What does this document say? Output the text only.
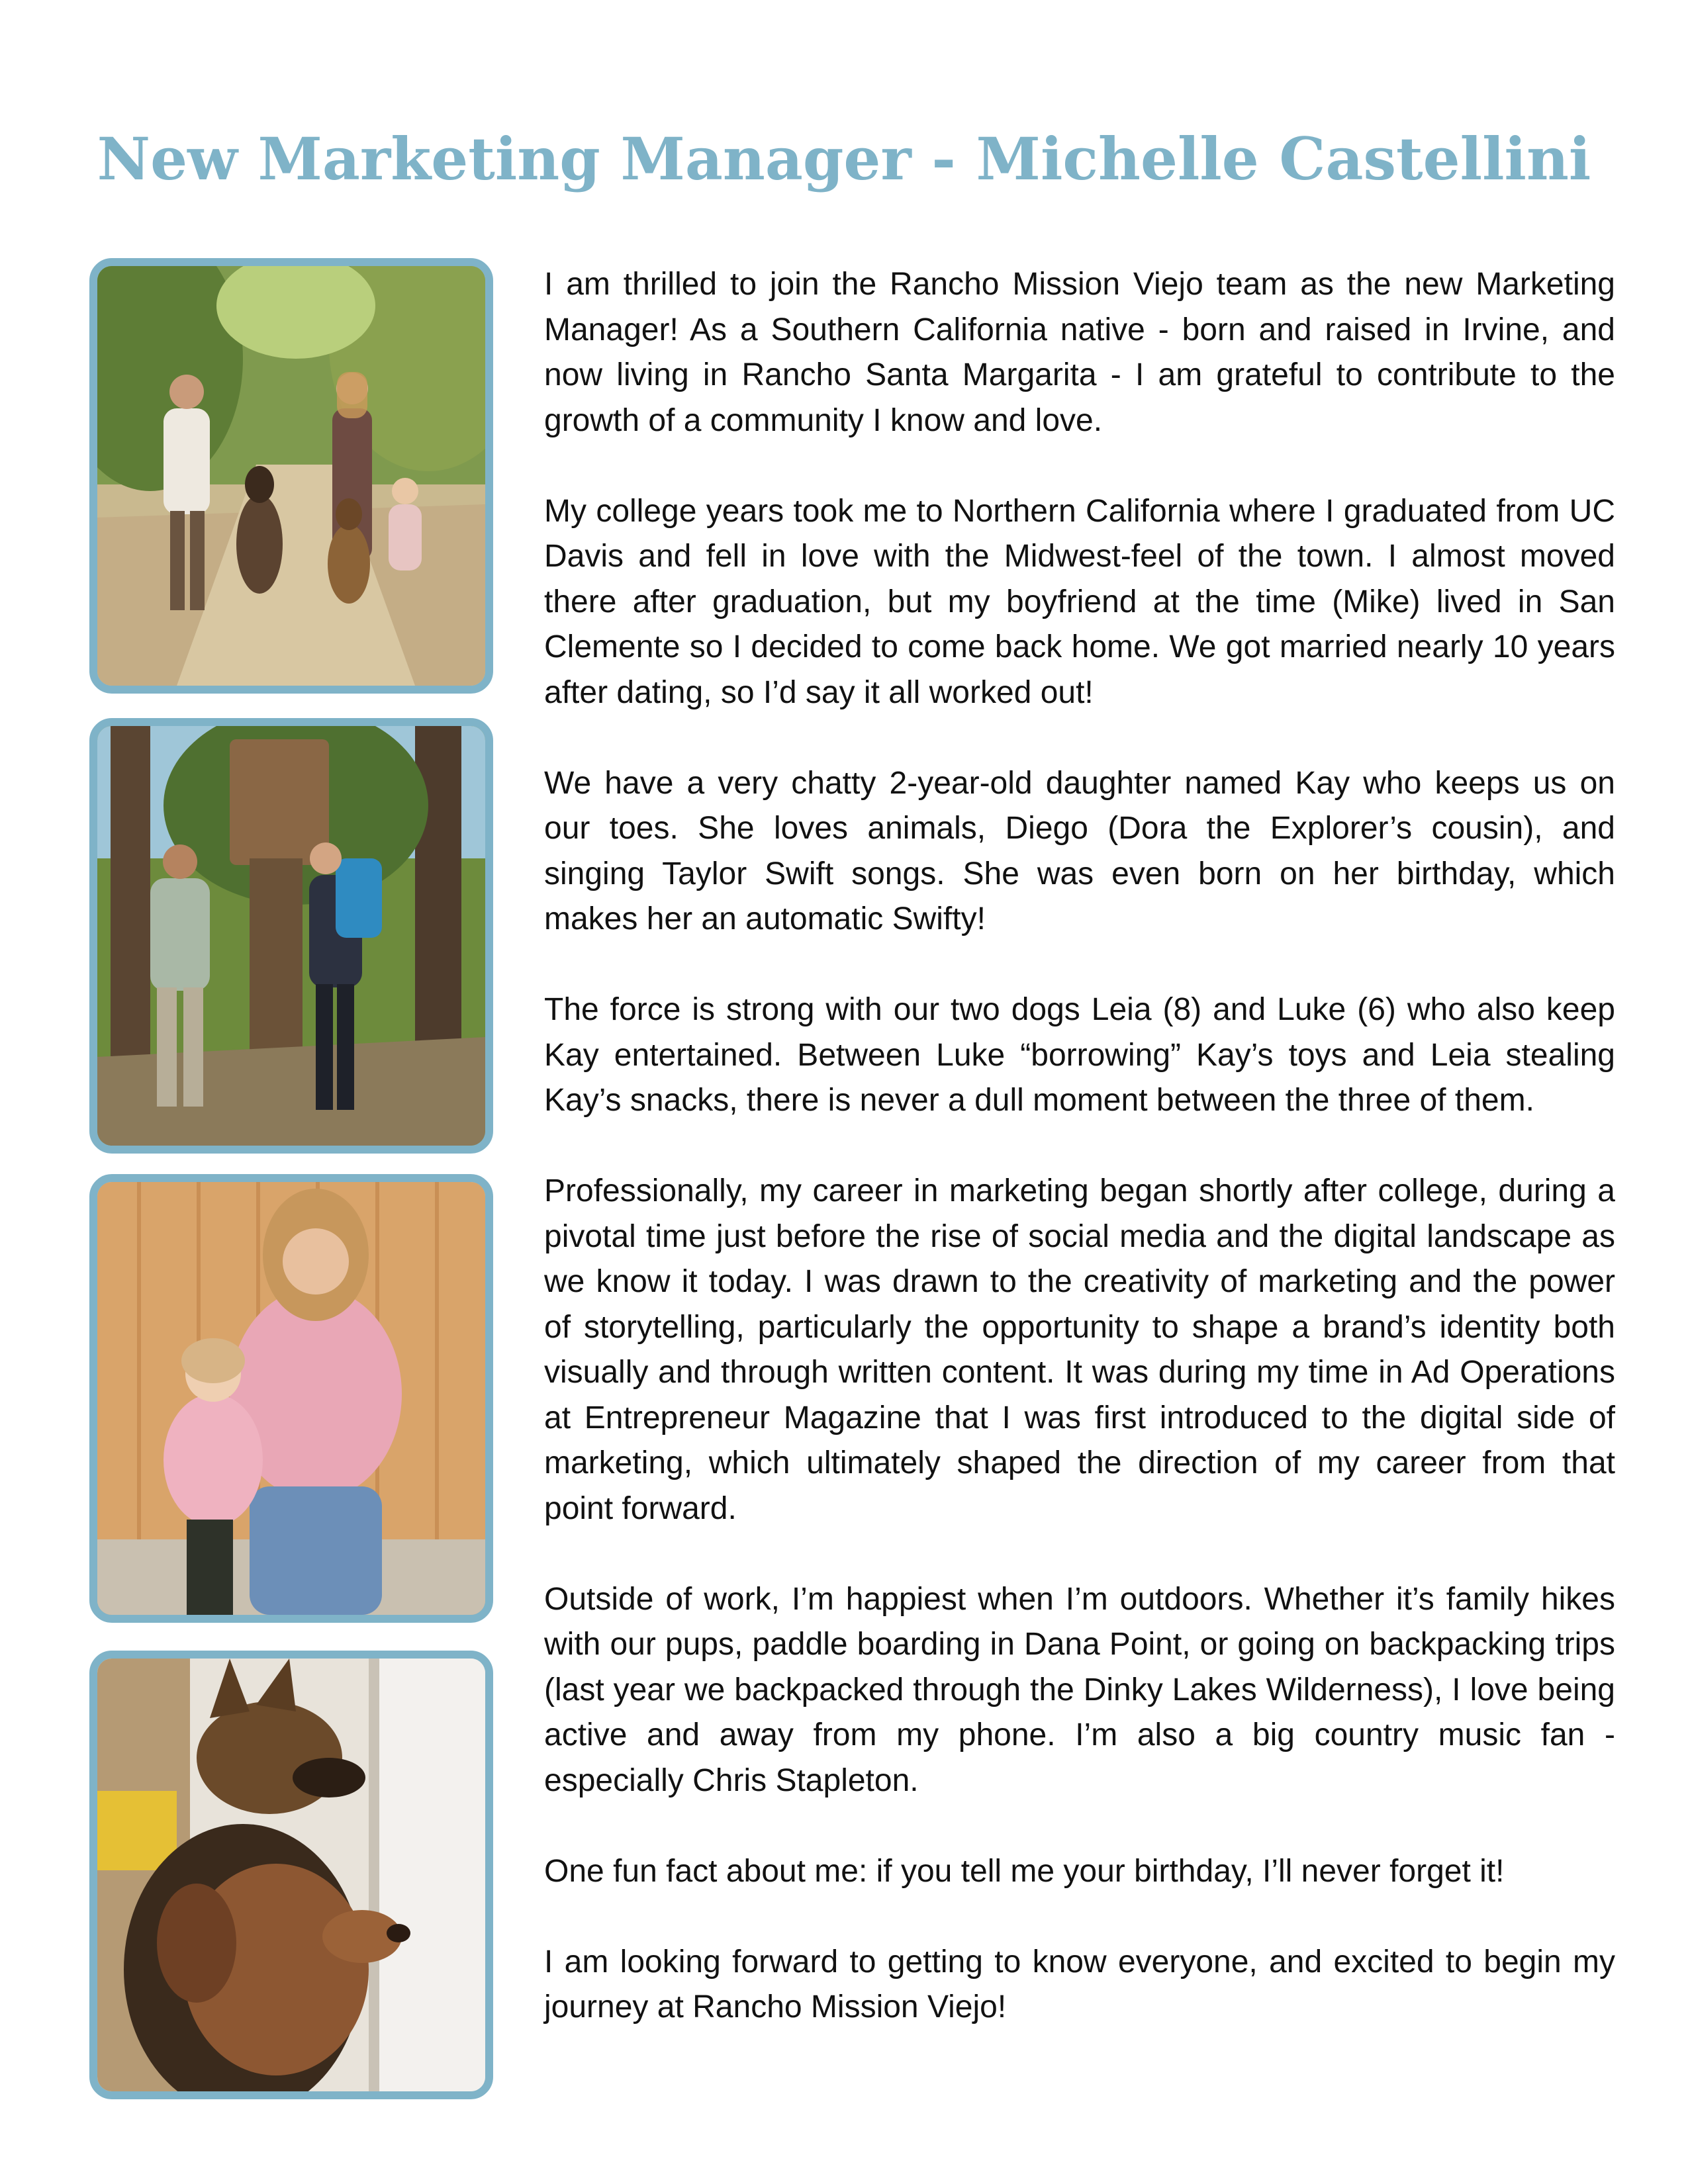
New Marketing Manager - Michelle Castellini

I am thrilled to join the Rancho Mission Viejo team as the new Marketing Manager! As a Southern California native - born and raised in Irvine, and now living in Rancho Santa Margarita - I am grateful to contribute to the growth of a community I know and love.

My college years took me to Northern California where I graduated from UC Davis and fell in love with the Midwest-feel of the town. I almost moved there after graduation, but my boyfriend at the time (Mike) lived in San Clemente so I decided to come back home. We got married nearly 10 years after dating, so I’d say it all worked out!

We have a very chatty 2-year-old daughter named Kay who keeps us on our toes. She loves animals, Diego (Dora the Explorer’s cousin), and singing Taylor Swift songs. She was even born on her birthday, which makes her an automatic Swifty!

The force is strong with our two dogs Leia (8) and Luke (6) who also keep Kay entertained. Between Luke “borrowing” Kay’s toys and Leia stealing Kay’s snacks, there is never a dull moment between the three of them.

Professionally, my career in marketing began shortly after college, during a pivotal time just before the rise of social media and the digital landscape as we know it today. I was drawn to the creativity of marketing and the power of storytelling, particularly the opportunity to shape a brand’s identity both visually and through written content. It was during my time in Ad Operations at Entrepreneur Magazine that I was first introduced to the digital side of marketing, which ultimately shaped the direction of my career from that point forward.

Outside of work, I’m happiest when I’m outdoors. Whether it’s family hikes with our pups, paddle boarding in Dana Point, or going on backpacking trips (last year we backpacked through the Dinky Lakes Wilderness), I love being active and away from my phone. I’m also a big country music fan - especially Chris Stapleton.

One fun fact about me: if you tell me your birthday, I’ll never forget it!

I am looking forward to getting to know everyone, and excited to begin my journey at Rancho Mission Viejo!
